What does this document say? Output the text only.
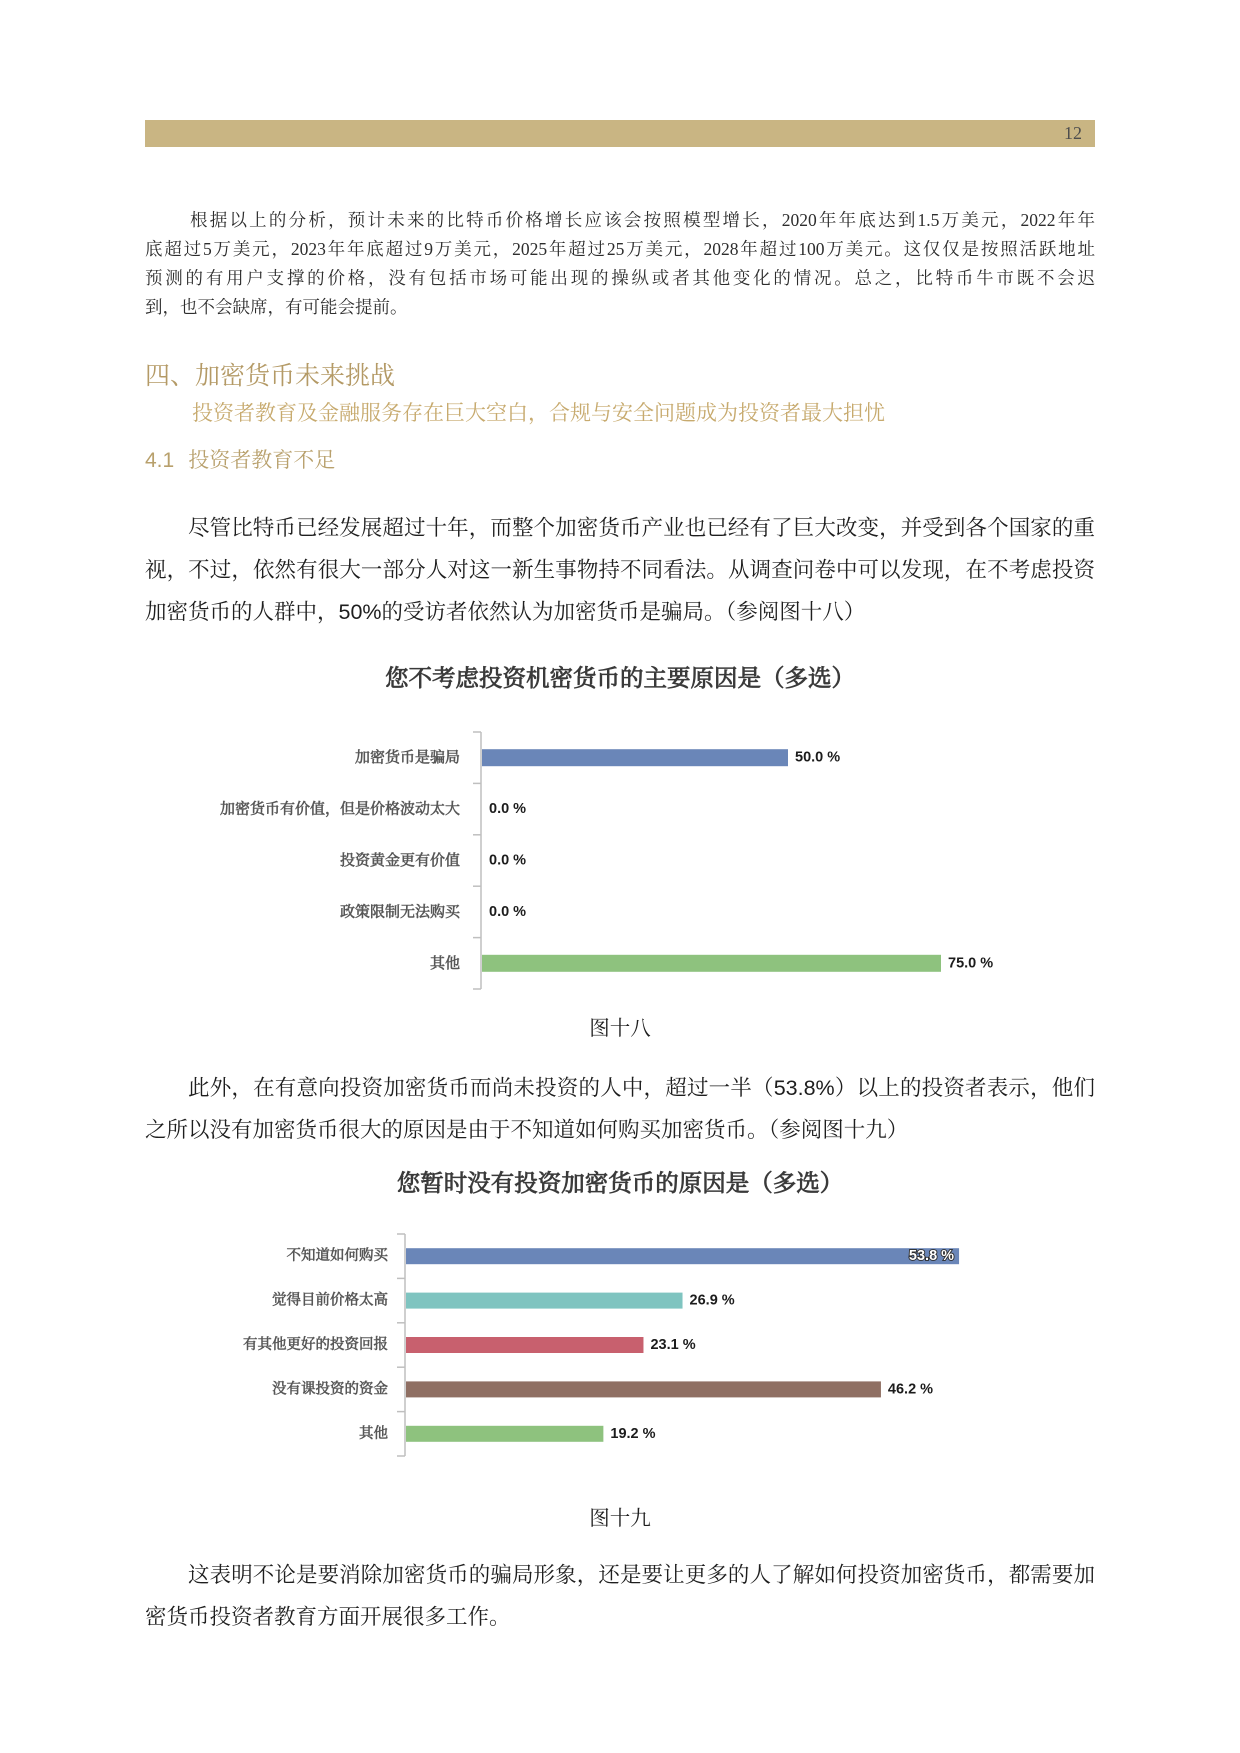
12
根据以上的分析，预计未来的比特币价格增长应该会按照模型增长，2020年年底达到1.5万美元，2022年年
底超过5万美元，2023年年底超过9万美元，2025年超过25万美元，2028年超过100万美元。这仅仅是按照活跃地址
预测的有用户支撑的价格，没有包括市场可能出现的操纵或者其他变化的情况。总之，比特币牛市既不会迟
到，也不会缺席，有可能会提前。
四、加密货币未来挑战
投资者教育及金融服务存在巨大空白，合规与安全问题成为投资者最大担忧
4.1 投资者教育不足
尽管比特币已经发展超过十年，而整个加密货币产业也已经有了巨大改变，并受到各个国家的重
视，不过，依然有很大一部分人对这一新生事物持不同看法。从调查问卷中可以发现，在不考虑投资
加密货币的人群中，50%的受访者依然认为加密货币是骗局。（参阅图十八）
您不考虑投资机密货币的主要原因是（多选）
加密货币是骗局	50.0 %
加密货币有价值，但是价格波动太大 0.0 %
投资黄金更有价值 0.0 %
政策限制无法购买 0.0 %
其他	75.0 %
图十八
此外，在有意向投资加密货币而尚未投资的人中，超过一半（53.8%）以上的投资者表示，他们
之所以没有加密货币很大的原因是由于不知道如何购买加密货币。（参阅图十九）
您暂时没有投资加密货币的原因是（多选）
不知道如何购买	53.8 %
觉得目前价格太高	26.9 %
有其他更好的投资回报	23.1 %
没有课投资的资金	46.2 %
其他	19.2 %
图十九
这表明不论是要消除加密货币的骗局形象，还是要让更多的人了解如何投资加密货币，都需要加
密货币投资者教育方面开展很多工作。
